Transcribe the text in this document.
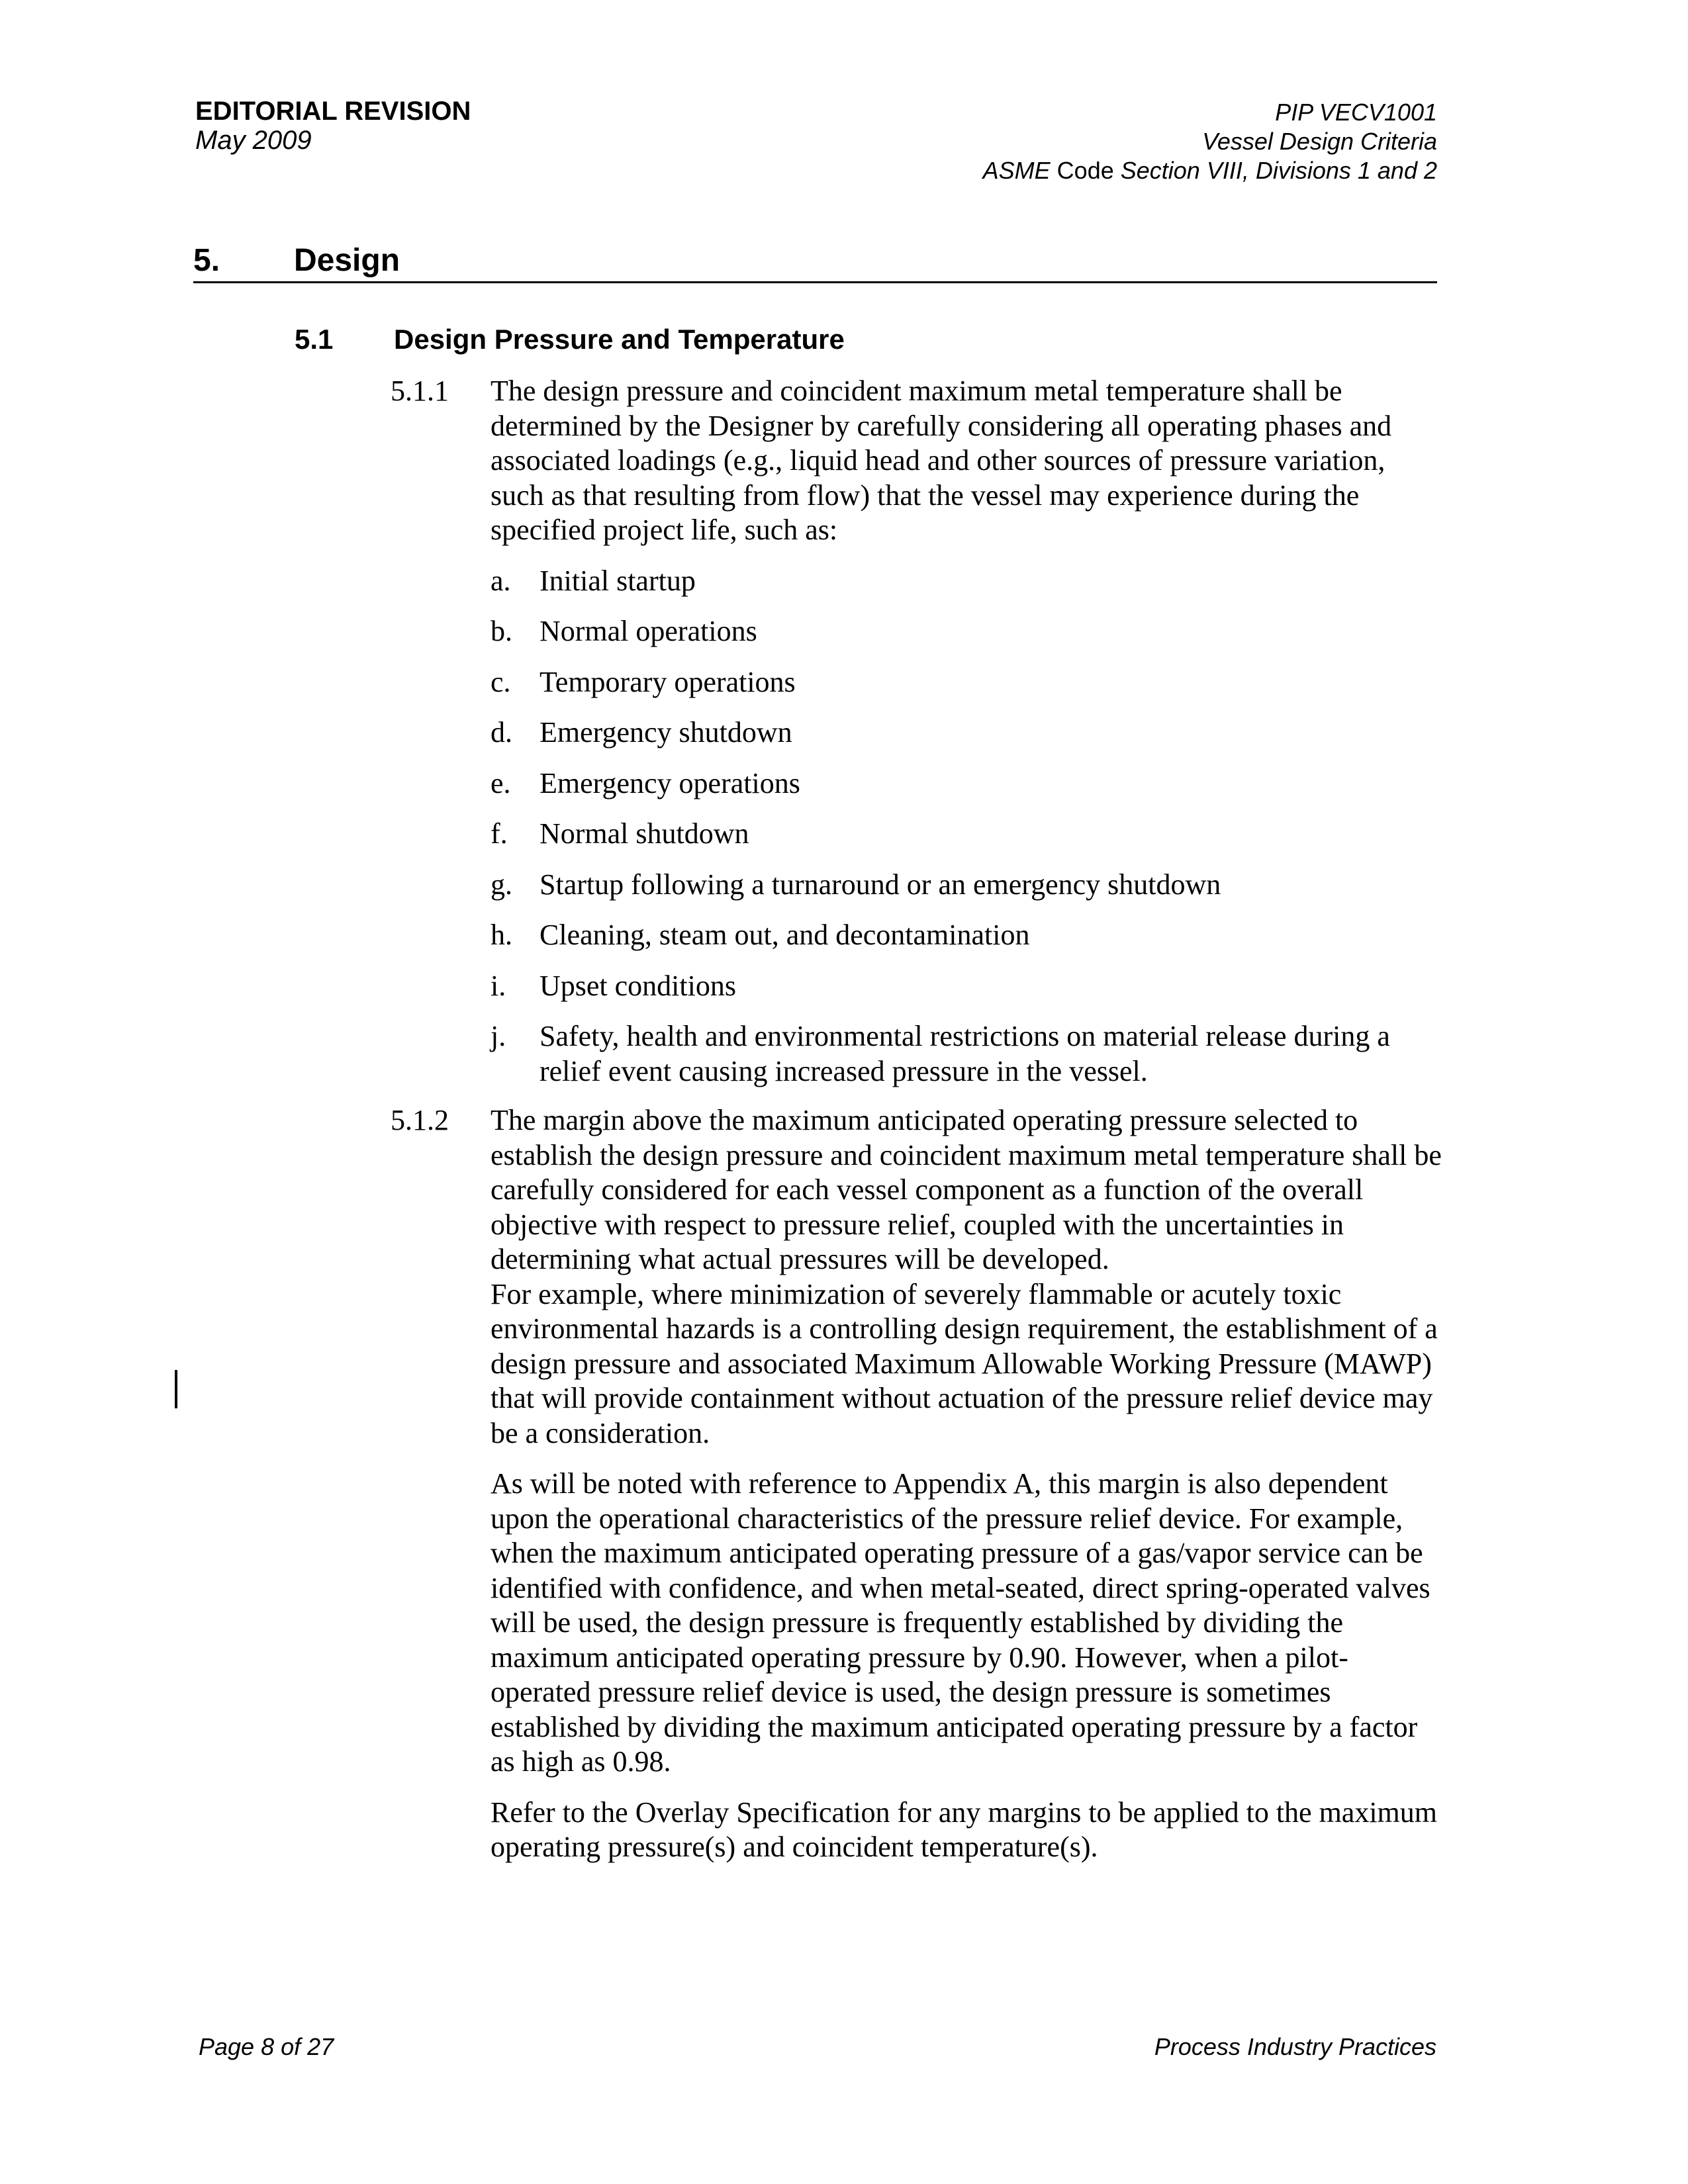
EDITORIAL REVISION
May 2009
PIP VECV1001
Vessel Design Criteria
ASME Code Section VIII, Divisions 1 and 2
5. Design
5.1 Design Pressure and Temperature
5.1.1 The design pressure and coincident maximum metal temperature shall be determined by the Designer by carefully considering all operating phases and associated loadings (e.g., liquid head and other sources of pressure variation, such as that resulting from flow) that the vessel may experience during the specified project life, such as:

a. Initial startup
b. Normal operations
c. Temporary operations
d. Emergency shutdown
e. Emergency operations
f. Normal shutdown
g. Startup following a turnaround or an emergency shutdown
h. Cleaning, steam out, and decontamination
i. Upset conditions
j. Safety, health and environmental restrictions on material release during a relief event causing increased pressure in the vessel.
5.1.2 The margin above the maximum anticipated operating pressure selected to establish the design pressure and coincident maximum metal temperature shall be carefully considered for each vessel component as a function of the overall objective with respect to pressure relief, coupled with the uncertainties in determining what actual pressures will be developed.

For example, where minimization of severely flammable or acutely toxic environmental hazards is a controlling design requirement, the establishment of a design pressure and associated Maximum Allowable Working Pressure (MAWP) that will provide containment without actuation of the pressure relief device may be a consideration.

As will be noted with reference to Appendix A, this margin is also dependent upon the operational characteristics of the pressure relief device. For example, when the maximum anticipated operating pressure of a gas/vapor service can be identified with confidence, and when metal-seated, direct spring-operated valves will be used, the design pressure is frequently established by dividing the maximum anticipated operating pressure by 0.90. However, when a pilot-operated pressure relief device is used, the design pressure is sometimes established by dividing the maximum anticipated operating pressure by a factor as high as 0.98.

Refer to the Overlay Specification for any margins to be applied to the maximum operating pressure(s) and coincident temperature(s).

Page 8 of 27	Process Industry Practices
